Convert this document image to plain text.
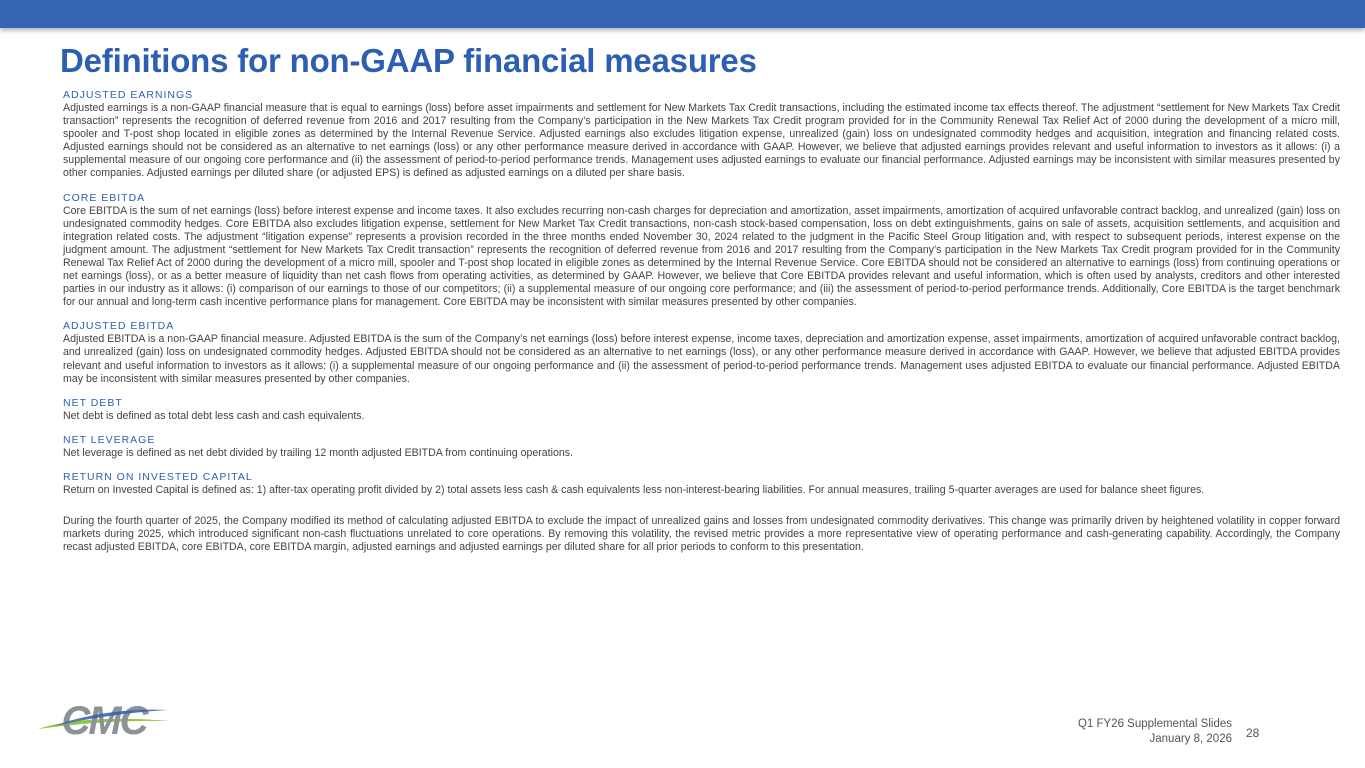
Definitions for non-GAAP financial measures

ADJUSTED EARNINGS

Adjusted earnings is a non-GAAP financial measure that is equal to earnings (loss) before asset impairments and settlement for New Markets Tax Credit transactions, including the estimated income tax effects thereof. The adjustment “settlement for New Markets Tax Credit transaction” represents the recognition of deferred revenue from 2016 and 2017 resulting from the Company’s participation in the New Markets Tax Credit program provided for in the Community Renewal Tax Relief Act of 2000 during the development of a micro mill, spooler and T-post shop located in eligible zones as determined by the Internal Revenue Service. Adjusted earnings also excludes litigation expense, unrealized (gain) loss on undesignated commodity hedges and acquisition, integration and financing related costs. Adjusted earnings should not be considered as an alternative to net earnings (loss) or any other performance measure derived in accordance with GAAP. However, we believe that adjusted earnings provides relevant and useful information to investors as it allows: (i) a supplemental measure of our ongoing core performance and (ii) the assessment of period-to-period performance trends. Management uses adjusted earnings to evaluate our financial performance. Adjusted earnings may be inconsistent with similar measures presented by other companies. Adjusted earnings per diluted share (or adjusted EPS) is defined as adjusted earnings on a diluted per share basis.

CORE EBITDA

Core EBITDA is the sum of net earnings (loss) before interest expense and income taxes. It also excludes recurring non-cash charges for depreciation and amortization, asset impairments, amortization of acquired unfavorable contract backlog, and unrealized (gain) loss on undesignated commodity hedges. Core EBITDA also excludes litigation expense, settlement for New Market Tax Credit transactions, non-cash stock-based compensation, loss on debt extinguishments, gains on sale of assets, acquisition settlements, and acquisition and integration related costs. The adjustment “litigation expense” represents a provision recorded in the three months ended November 30, 2024 related to the judgment in the Pacific Steel Group litigation and, with respect to subsequent periods, interest expense on the judgment amount. The adjustment “settlement for New Markets Tax Credit transaction” represents the recognition of deferred revenue from 2016 and 2017 resulting from the Company’s participation in the New Markets Tax Credit program provided for in the Community Renewal Tax Relief Act of 2000 during the development of a micro mill, spooler and T-post shop located in eligible zones as determined by the Internal Revenue Service. Core EBITDA should not be considered an alternative to earnings (loss) from continuing operations or net earnings (loss), or as a better measure of liquidity than net cash flows from operating activities, as determined by GAAP. However, we believe that Core EBITDA provides relevant and useful information, which is often used by analysts, creditors and other interested parties in our industry as it allows: (i) comparison of our earnings to those of our competitors; (ii) a supplemental measure of our ongoing core performance; and (iii) the assessment of period-to-period performance trends. Additionally, Core EBITDA is the target benchmark for our annual and long-term cash incentive performance plans for management. Core EBITDA may be inconsistent with similar measures presented by other companies.

ADJUSTED EBITDA

Adjusted EBITDA is a non-GAAP financial measure. Adjusted EBITDA is the sum of the Company’s net earnings (loss) before interest expense, income taxes, depreciation and amortization expense, asset impairments, amortization of acquired unfavorable contract backlog, and unrealized (gain) loss on undesignated commodity hedges. Adjusted EBITDA should not be considered as an alternative to net earnings (loss), or any other performance measure derived in accordance with GAAP. However, we believe that adjusted EBITDA provides relevant and useful information to investors as it allows: (i) a supplemental measure of our ongoing performance and (ii) the assessment of period-to-period performance trends. Management uses adjusted EBITDA to evaluate our financial performance. Adjusted EBITDA may be inconsistent with similar measures presented by other companies.

NET DEBT

Net debt is defined as total debt less cash and cash equivalents.

NET LEVERAGE

Net leverage is defined as net debt divided by trailing 12 month adjusted EBITDA from continuing operations.

RETURN ON INVESTED CAPITAL

Return on Invested Capital is defined as: 1) after-tax operating profit divided by 2) total assets less cash & cash equivalents less non-interest-bearing liabilities. For annual measures, trailing 5-quarter averages are used for balance sheet figures.

During the fourth quarter of 2025, the Company modified its method of calculating adjusted EBITDA to exclude the impact of unrealized gains and losses from undesignated commodity derivatives. This change was primarily driven by heightened volatility in copper forward markets during 2025, which introduced significant non-cash fluctuations unrelated to core operations. By removing this volatility, the revised metric provides a more representative view of operating performance and cash-generating capability. Accordingly, the Company recast adjusted EBITDA, core EBITDA, core EBITDA margin, adjusted earnings and adjusted earnings per diluted share for all prior periods to conform to this presentation.

CMC	Q1 FY26 Supplemental Slides
January 8, 2026 28
